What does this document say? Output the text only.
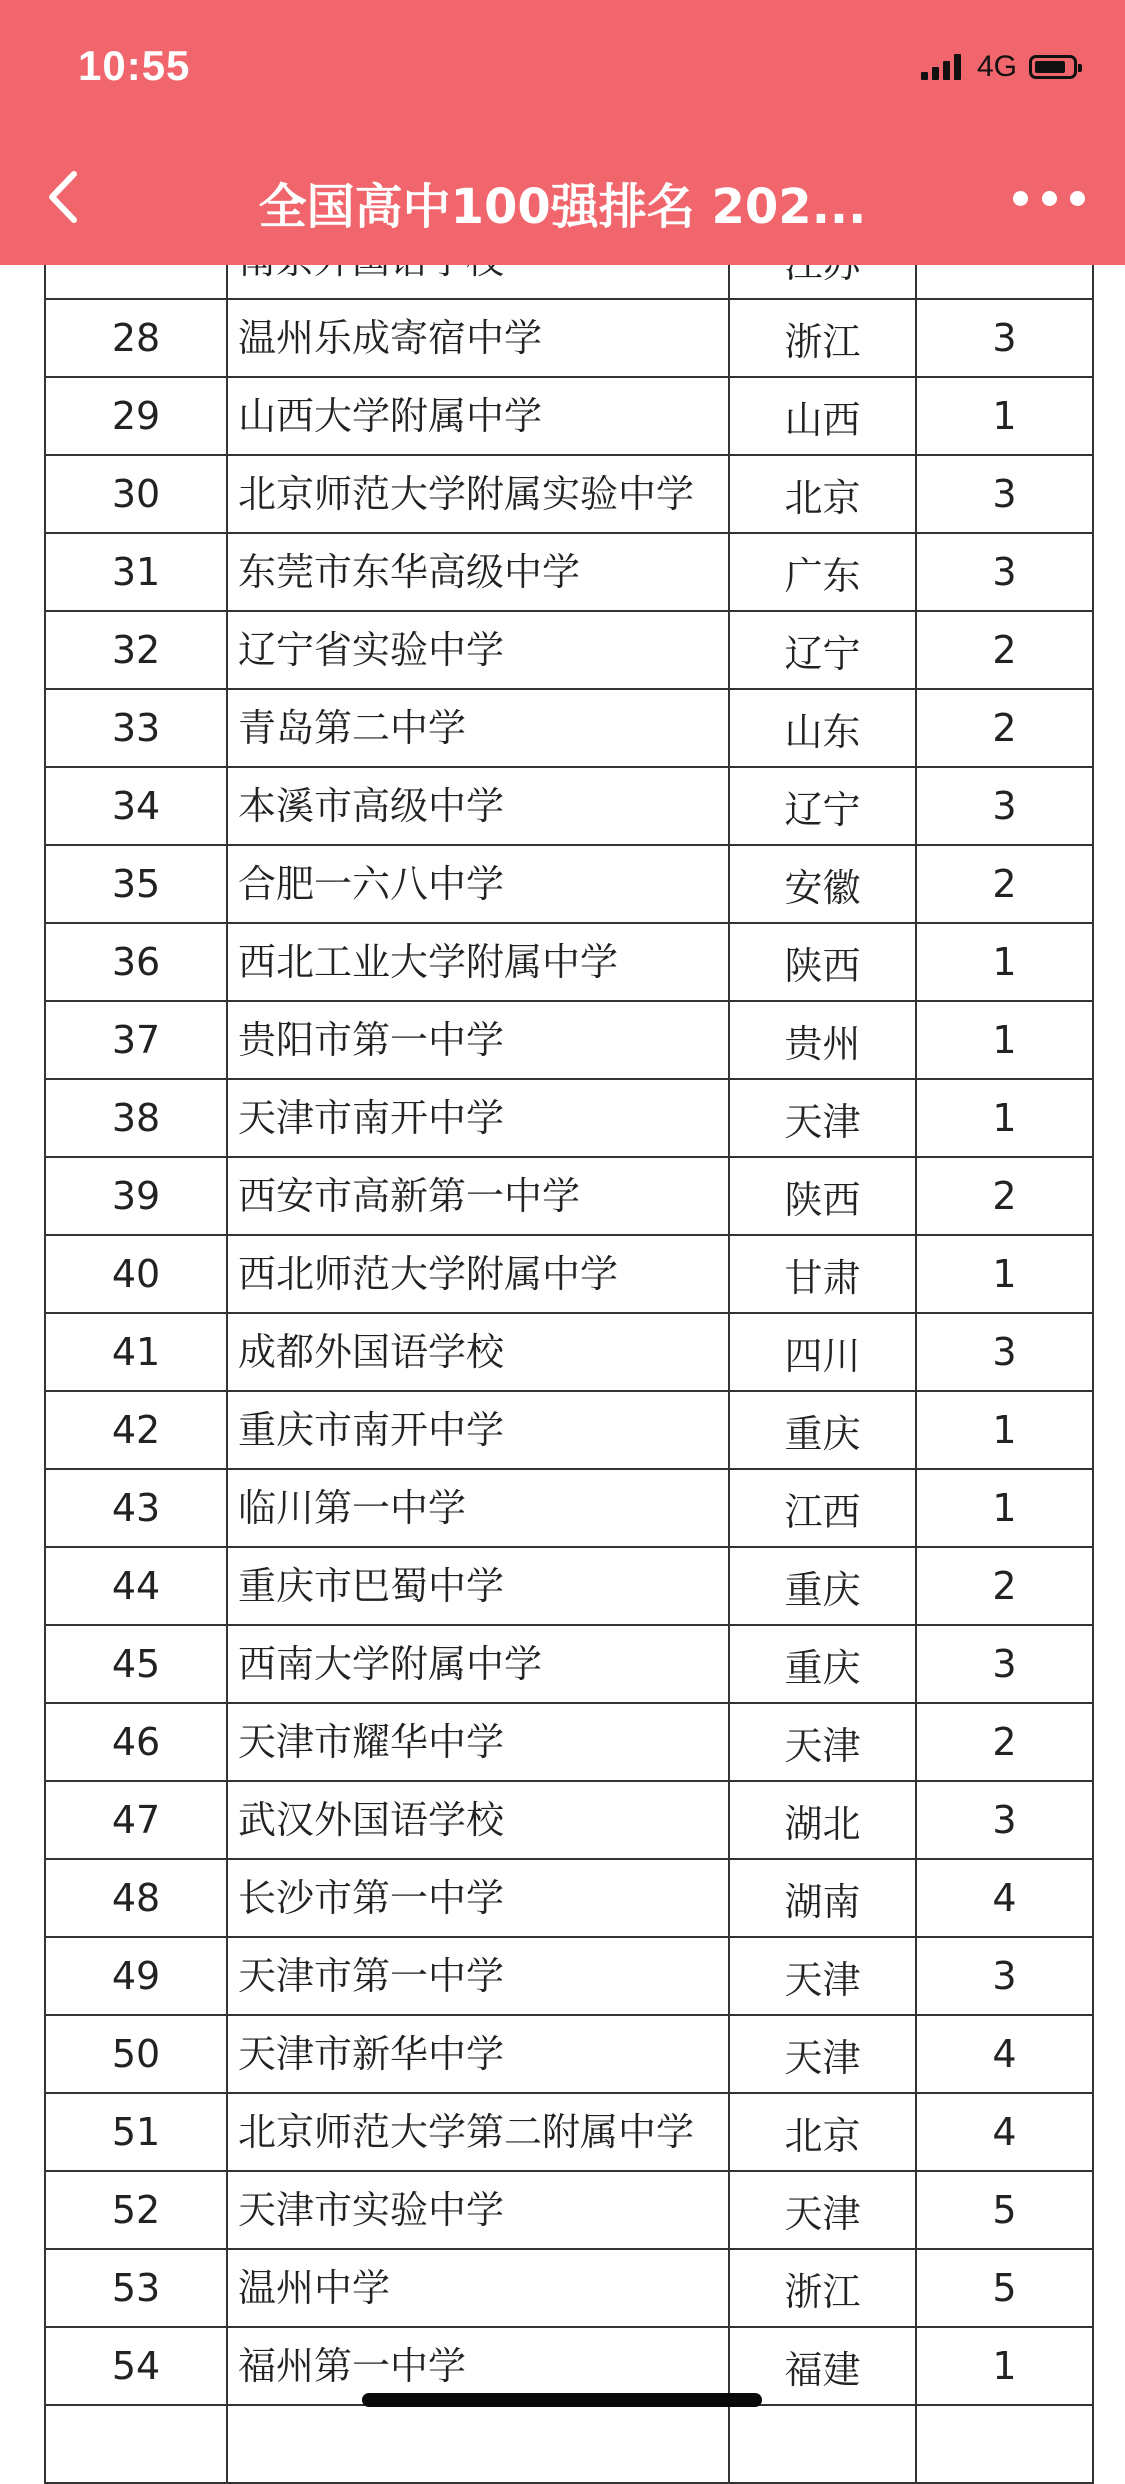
10:55	4G
全国高中100强排名 202...

28	温州乐成寄宿中学	浙江	3
29	山西大学附属中学	山西	1
30	北京师范大学附属实验中学	北京	3
31	东莞市东华高级中学	广东	3
32	辽宁省实验中学	辽宁	2
33	青岛第二中学	山东	2
34	本溪市高级中学	辽宁	3
35	合肥一六八中学	安徽	2
36	西北工业大学附属中学	陕西	1
37	贵阳市第一中学	贵州	1
38	天津市南开中学	天津	1
39	西安市高新第一中学	陕西	2
40	西北师范大学附属中学	甘肃	1
41	成都外国语学校	四川	3
42	重庆市南开中学	重庆	1
43	临川第一中学	江西	1
44	重庆市巴蜀中学	重庆	2
45	西南大学附属中学	重庆	3
46	天津市耀华中学	天津	2
47	武汉外国语学校	湖北	3
48	长沙市第一中学	湖南	4
49	天津市第一中学	天津	3
50	天津市新华中学	天津	4
51	北京师范大学第二附属中学	北京	4
52	天津市实验中学	天津	5
53	温州中学	浙江	5
54	福州第一中学	福建	1
